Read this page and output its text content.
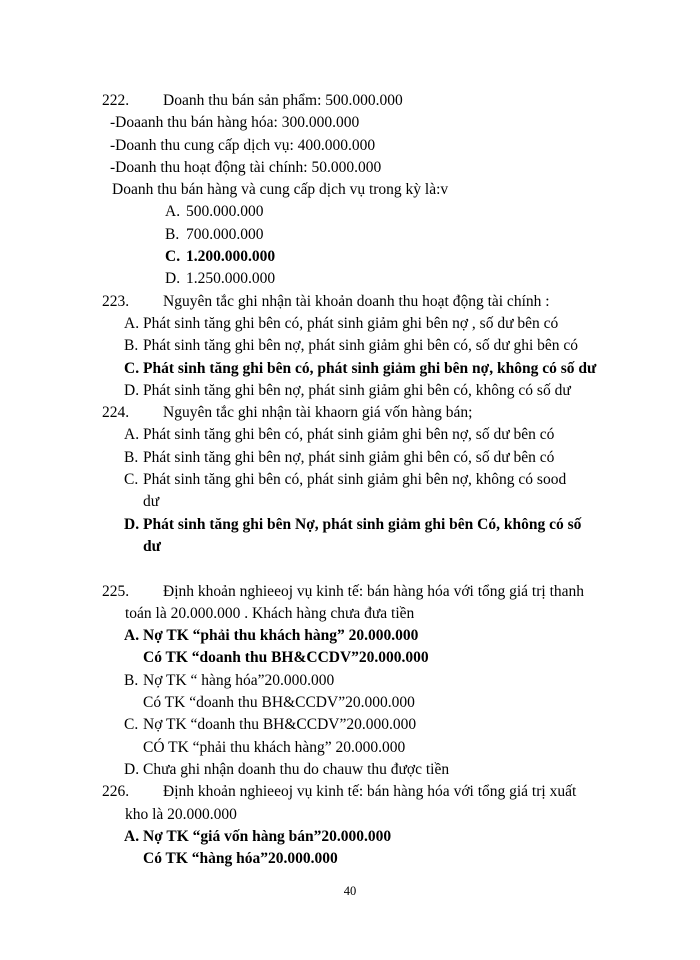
222. Doanh thu bán sản phẩm: 500.000.000
-Doaanh thu bán hàng hóa: 300.000.000
-Doanh thu cung cấp dịch vụ: 400.000.000
-Doanh thu hoạt động tài chính: 50.000.000
Doanh thu bán hàng và cung cấp dịch vụ trong kỳ là:v
A. 500.000.000
B. 700.000.000
C. 1.200.000.000
D. 1.250.000.000
223. Nguyên tắc ghi nhận tài khoản doanh thu hoạt động tài chính :
A. Phát sinh tăng ghi bên có, phát sinh giảm ghi bên nợ , số dư bên có
B. Phát sinh tăng ghi bên nợ, phát sinh giảm ghi bên có, số dư ghi bên có
C. Phát sinh tăng ghi bên có, phát sinh giảm ghi bên nợ, không có số dư
D. Phát sinh tăng ghi bên nợ, phát sinh giảm ghi bên có, không có số dư
224. Nguyên tắc ghi nhận tài khaorn giá vốn hàng bán;
A. Phát sinh tăng ghi bên có, phát sinh giảm ghi bên nợ, số dư bên có
B. Phát sinh tăng ghi bên nợ, phát sinh giảm ghi bên có, số dư bên có
C. Phát sinh tăng ghi bên có, phát sinh giảm ghi bên nợ, không có sood
dư
D. Phát sinh tăng ghi bên Nợ, phát sinh giảm ghi bên Có, không có số
dư
225. Định khoản nghieeoj vụ kinh tế: bán hàng hóa với tổng giá trị thanh
toán là 20.000.000 . Khách hàng chưa đưa tiền
A. Nợ TK “phải thu khách hàng” 20.000.000
Có TK “doanh thu BH&CCDV”20.000.000
B. Nợ TK “ hàng hóa”20.000.000
Có TK “doanh thu BH&CCDV”20.000.000
C. Nợ TK “doanh thu BH&CCDV”20.000.000
CÓ TK “phải thu khách hàng” 20.000.000
D. Chưa ghi nhận doanh thu do chauw thu được tiền
226. Định khoản nghieeoj vụ kinh tế: bán hàng hóa với tổng giá trị xuất
kho là 20.000.000
A. Nợ TK “giá vốn hàng bán”20.000.000
Có TK “hàng hóa”20.000.000
40
